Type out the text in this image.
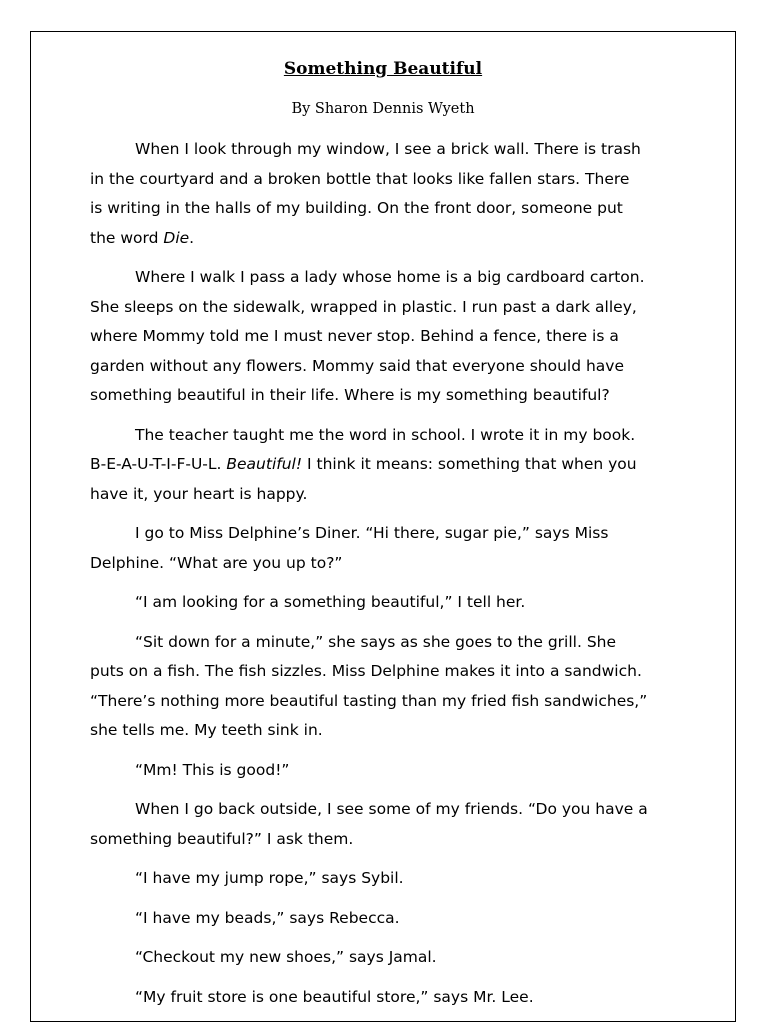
Something Beautiful
By Sharon Dennis Wyeth

When I look through my window, I see a brick wall. There is trash
in the courtyard and a broken bottle that looks like fallen stars. There
is writing in the halls of my building. On the front door, someone put
the word Die.

Where I walk I pass a lady whose home is a big cardboard carton.
She sleeps on the sidewalk, wrapped in plastic. I run past a dark alley,
where Mommy told me I must never stop. Behind a fence, there is a
garden without any flowers. Mommy said that everyone should have
something beautiful in their life. Where is my something beautiful?

The teacher taught me the word in school. I wrote it in my book.
B-E-A-U-T-I-F-U-L. Beautiful! I think it means: something that when you
have it, your heart is happy.

I go to Miss Delphine’s Diner. “Hi there, sugar pie,” says Miss
Delphine. “What are you up to?”

“I am looking for a something beautiful,” I tell her.

“Sit down for a minute,” she says as she goes to the grill. She
puts on a fish. The fish sizzles. Miss Delphine makes it into a sandwich.
“There’s nothing more beautiful tasting than my fried fish sandwiches,”
she tells me. My teeth sink in.

“Mm! This is good!”

When I go back outside, I see some of my friends. “Do you have a
something beautiful?” I ask them.

“I have my jump rope,” says Sybil.

“I have my beads,” says Rebecca.

“Checkout my new shoes,” says Jamal.

“My fruit store is one beautiful store,” says Mr. Lee.
